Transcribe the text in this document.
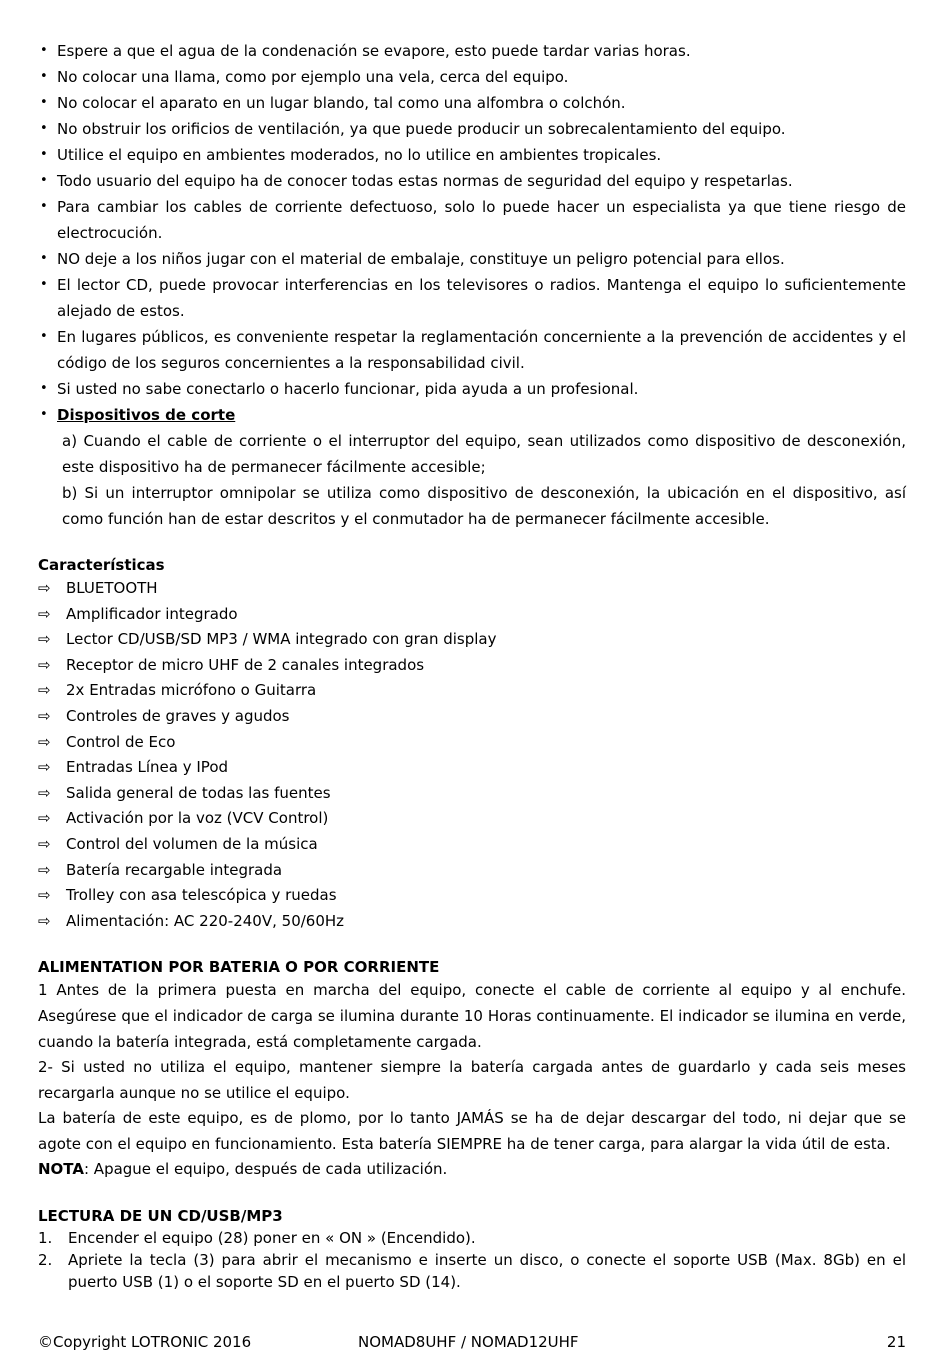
• Espere a que el agua de la condenación se evapore, esto puede tardar varias horas.
• No colocar una llama, como por ejemplo una vela, cerca del equipo.
• No colocar el aparato en un lugar blando, tal como una alfombra o colchón.
• No obstruir los orificios de ventilación, ya que puede producir un sobrecalentamiento del equipo.
• Utilice el equipo en ambientes moderados, no lo utilice en ambientes tropicales.
• Todo usuario del equipo ha de conocer todas estas normas de seguridad del equipo y respetarlas.
• Para cambiar los cables de corriente defectuoso, solo lo puede hacer un especialista ya que tiene riesgo de electrocución.
• NO deje a los niños jugar con el material de embalaje, constituye un peligro potencial para ellos.
• El lector CD, puede provocar interferencias en los televisores o radios. Mantenga el equipo lo suficientemente alejado de estos.
• En lugares públicos, es conveniente respetar la reglamentación concerniente a la prevención de accidentes y el código de los seguros concernientes a la responsabilidad civil.
• Si usted no sabe conectarlo o hacerlo funcionar, pida ayuda a un profesional.
• Dispositivos de corte
a) Cuando el cable de corriente o el interruptor del equipo, sean utilizados como dispositivo de desconexión, este dispositivo ha de permanecer fácilmente accesible;
b) Si un interruptor omnipolar se utiliza como dispositivo de desconexión, la ubicación en el dispositivo, así como función han de estar descritos y el conmutador ha de permanecer fácilmente accesible.
Características
⇨ BLUETOOTH
⇨ Amplificador integrado
⇨ Lector CD/USB/SD MP3 / WMA integrado con gran display
⇨ Receptor de micro UHF de 2 canales integrados
⇨ 2x Entradas micrófono o Guitarra
⇨ Controles de graves y agudos
⇨ Control de Eco
⇨ Entradas Línea y IPod
⇨ Salida general de todas las fuentes
⇨ Activación por la voz (VCV Control)
⇨ Control del volumen de la música
⇨ Batería recargable integrada
⇨ Trolley con asa telescópica y ruedas
⇨ Alimentación: AC 220-240V, 50/60Hz
ALIMENTATION POR BATERIA O POR CORRIENTE

1 Antes de la primera puesta en marcha del equipo, conecte el cable de corriente al equipo y al enchufe. Asegúrese que el indicador de carga se ilumina durante 10 Horas continuamente. El indicador se ilumina en verde, cuando la batería integrada, está completamente cargada.

2- Si usted no utiliza el equipo, mantener siempre la batería cargada antes de guardarlo y cada seis meses recargarla aunque no se utilice el equipo.

La batería de este equipo, es de plomo, por lo tanto JAMÁS se ha de dejar descargar del todo, ni dejar que se agote con el equipo en funcionamiento. Esta batería SIEMPRE ha de tener carga, para alargar la vida útil de esta.

NOTA: Apague el equipo, después de cada utilización.

LECTURA DE UN CD/USB/MP3
1. Encender el equipo (28) poner en « ON » (Encendido).
2. Apriete la tecla (3) para abrir el mecanismo e inserte un disco, o conecte el soporte USB (Max. 8Gb) en el puerto USB (1) o el soporte SD en el puerto SD (14).
©Copyright LOTRONIC 2016	NOMAD8UHF / NOMAD12UHF	21
